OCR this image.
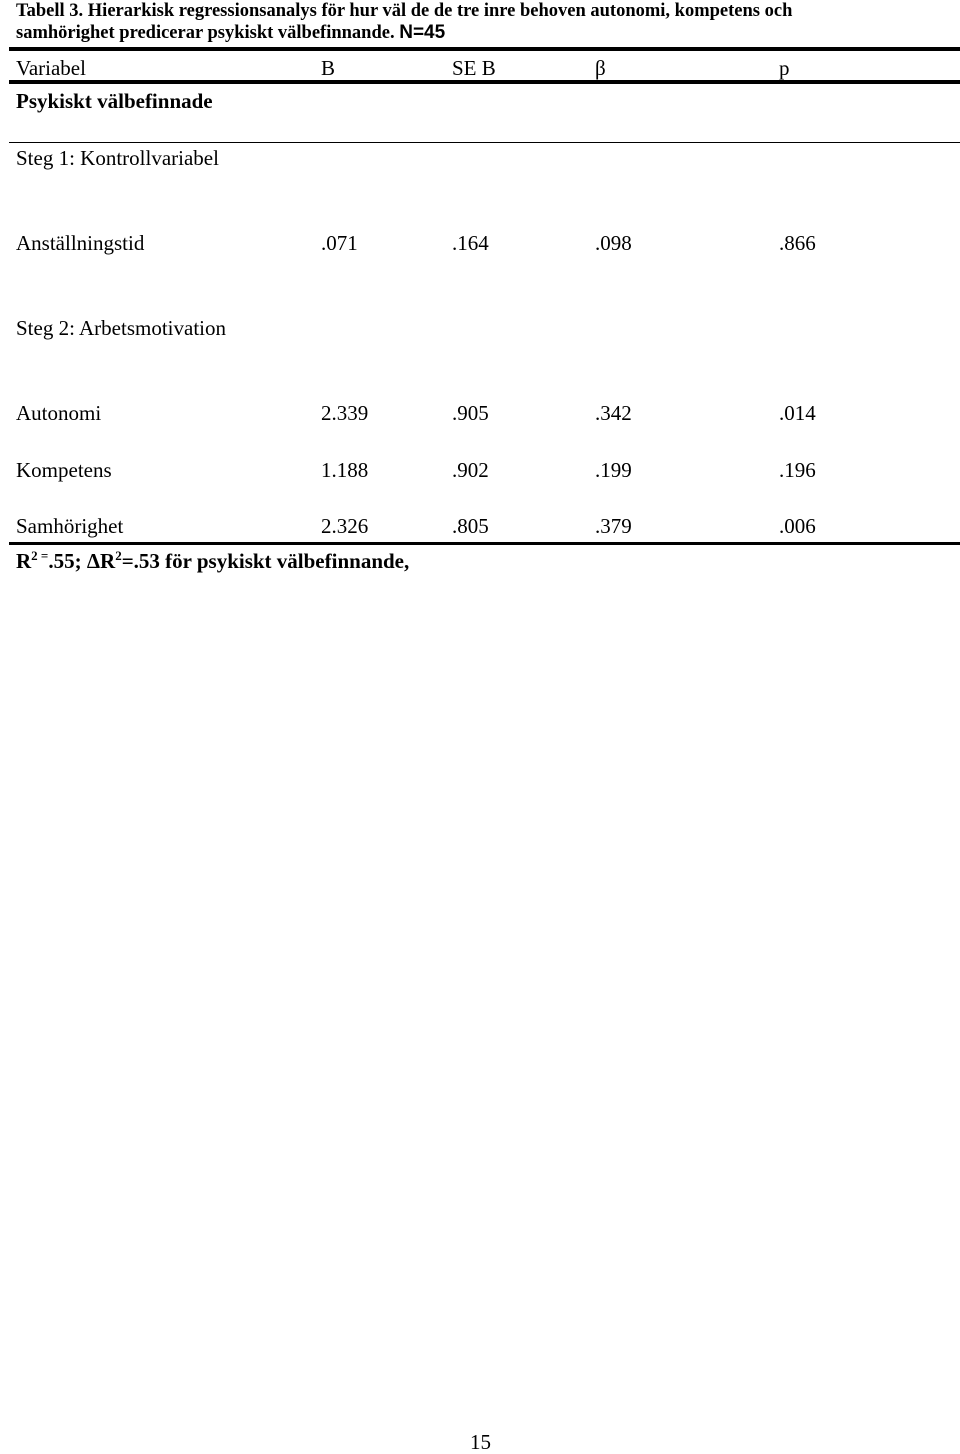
Tabell 3. Hierarkisk regressionsanalys för hur väl de de tre inre behoven autonomi, kompetens och
samhörighet predicerar psykiskt välbefinnande. N=45
Variabel	B	SE B	β	p
Psykiskt välbefinnade
Steg 1: Kontrollvariabel
Anställningstid	.071	.164	.098	.866
Steg 2: Arbetsmotivation
Autonomi	2.339	.905	.342	.014
Kompetens	1.188	.902	.199	.196
Samhörighet	2.326	.805	.379	.006
$R^{2 =}.55$; $\Delta R^2=.53$ för psykiskt välbefinnande,
15
